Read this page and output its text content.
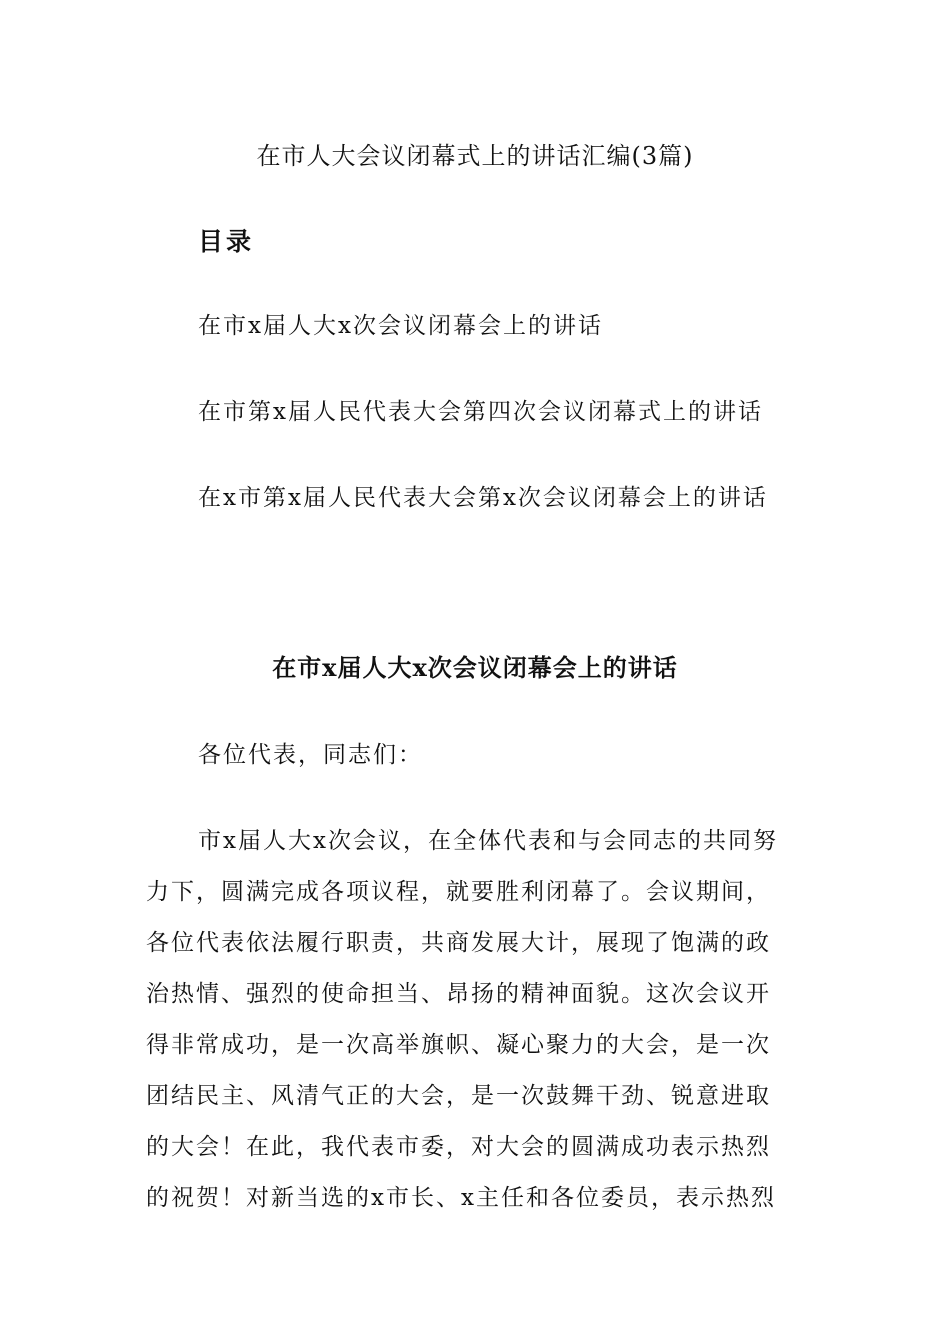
在市人大会议闭幕式上的讲话汇编(3篇)
目录
在市x届人大x次会议闭幕会上的讲话
在市第x届人民代表大会第四次会议闭幕式上的讲话
在x市第x届人民代表大会第x次会议闭幕会上的讲话
在市x届人大x次会议闭幕会上的讲话
各位代表，同志们：
市x届人大x次会议，在全体代表和与会同志的共同努
力下，圆满完成各项议程，就要胜利闭幕了。会议期间，
各位代表依法履行职责，共商发展大计，展现了饱满的政
治热情、强烈的使命担当、昂扬的精神面貌。这次会议开
得非常成功，是一次高举旗帜、凝心聚力的大会，是一次
团结民主、风清气正的大会，是一次鼓舞干劲、锐意进取
的大会！在此，我代表市委，对大会的圆满成功表示热烈
的祝贺！对新当选的x市长、x主任和各位委员，表示热烈
